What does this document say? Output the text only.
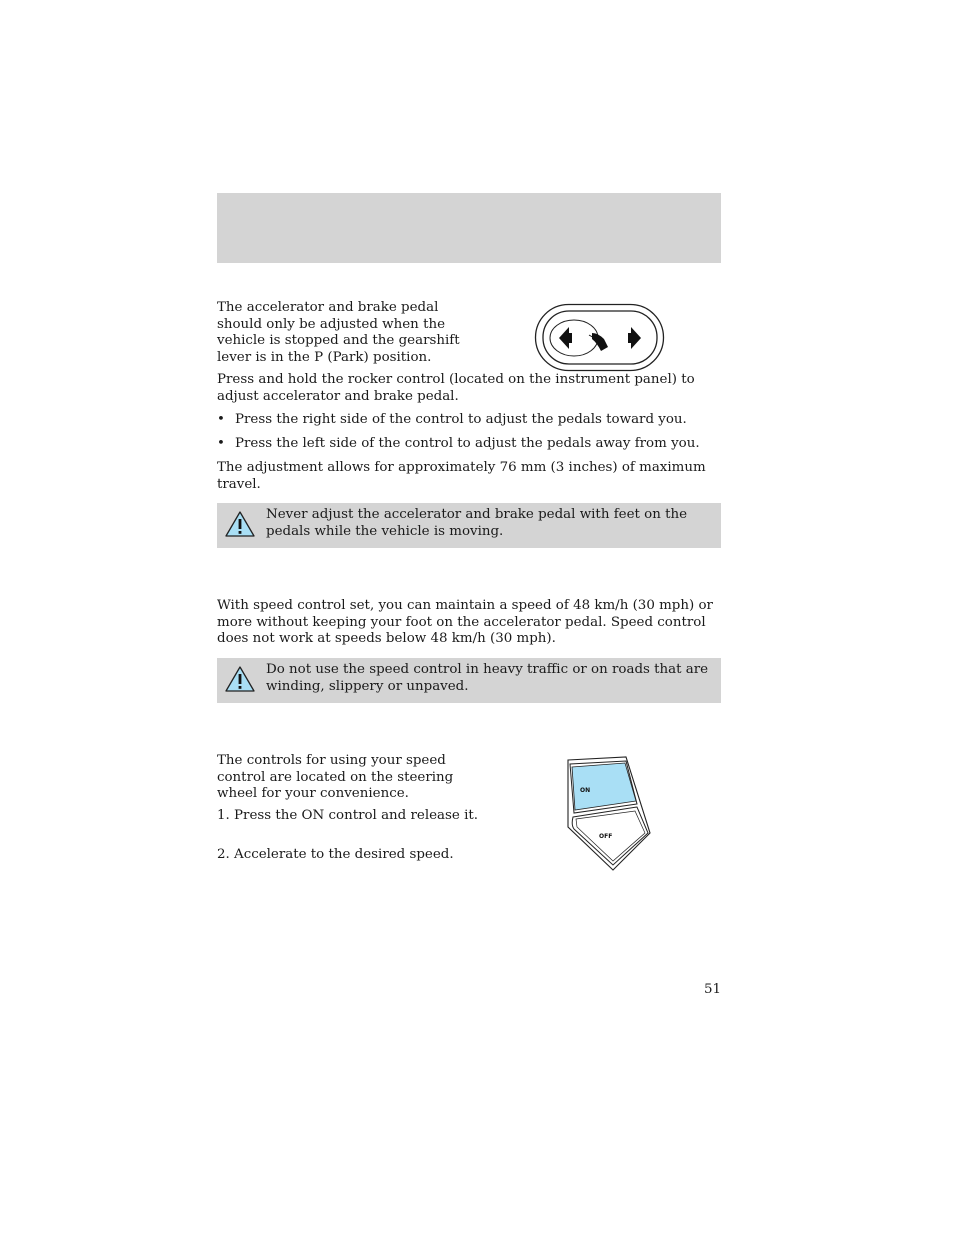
The accelerator and brake pedal should only be adjusted when the vehicle is stopped and the gearshift lever is in the P (Park) position.

Press and hold the rocker control (located on the instrument panel) to adjust accelerator and brake pedal.

• Press the right side of the control to adjust the pedals toward you.
• Press the left side of the control to adjust the pedals away from you.

The adjustment allows for approximately 76 mm (3 inches) of maximum travel.

Never adjust the accelerator and brake pedal with feet on the pedals while the vehicle is moving.

With speed control set, you can maintain a speed of 48 km/h (30 mph) or more without keeping your foot on the accelerator pedal. Speed control does not work at speeds below 48 km/h (30 mph).

Do not use the speed control in heavy traffic or on roads that are winding, slippery or unpaved.

The controls for using your speed control are located on the steering wheel for your convenience.	ON
OFF

1. Press the ON control and release it.

2. Accelerate to the desired speed.

51
